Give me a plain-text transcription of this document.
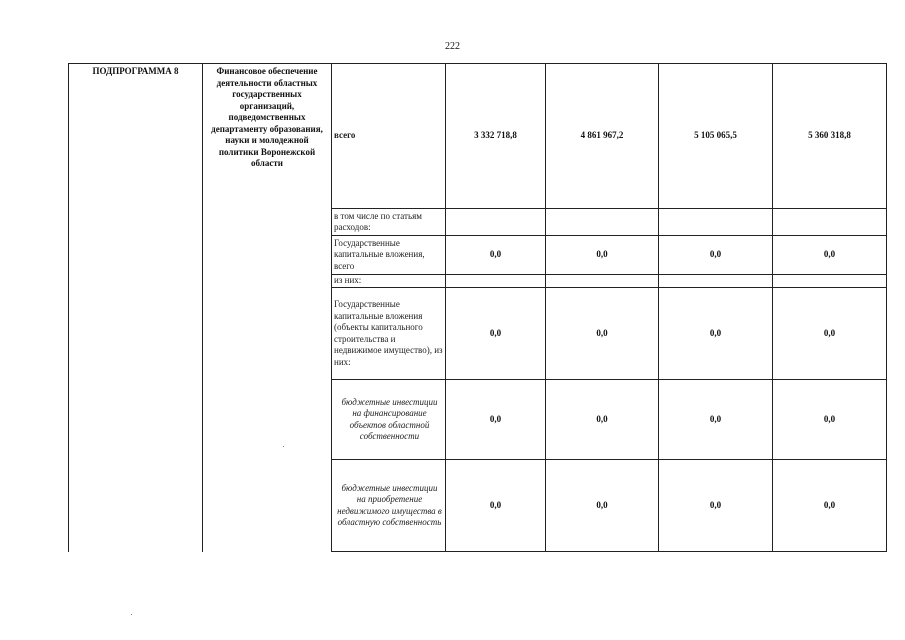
222
ПОДПРОГРАММА 8	Финансовое обеспечение деятельности областных государственных организаций, подведомственных департаменту образования, науки и молодежной политики Воронежской области	всего	3 332 718,8	4 861 967,2	5 105 065,5	5 360 318,8
		в том числе по статьям расходов:				
		Государственные капитальные вложения, всего	0,0	0,0	0,0	0,0
		из них:				
		Государственные капитальные вложения (объекты капитального строительства и недвижимое имущество), из них:	0,0	0,0	0,0	0,0
		бюджетные инвестиции на финансирование объектов областной собственности	0,0	0,0	0,0	0,0
		бюджетные инвестиции на приобретение недвижимого имущества в областную собственность	0,0	0,0	0,0	0,0
